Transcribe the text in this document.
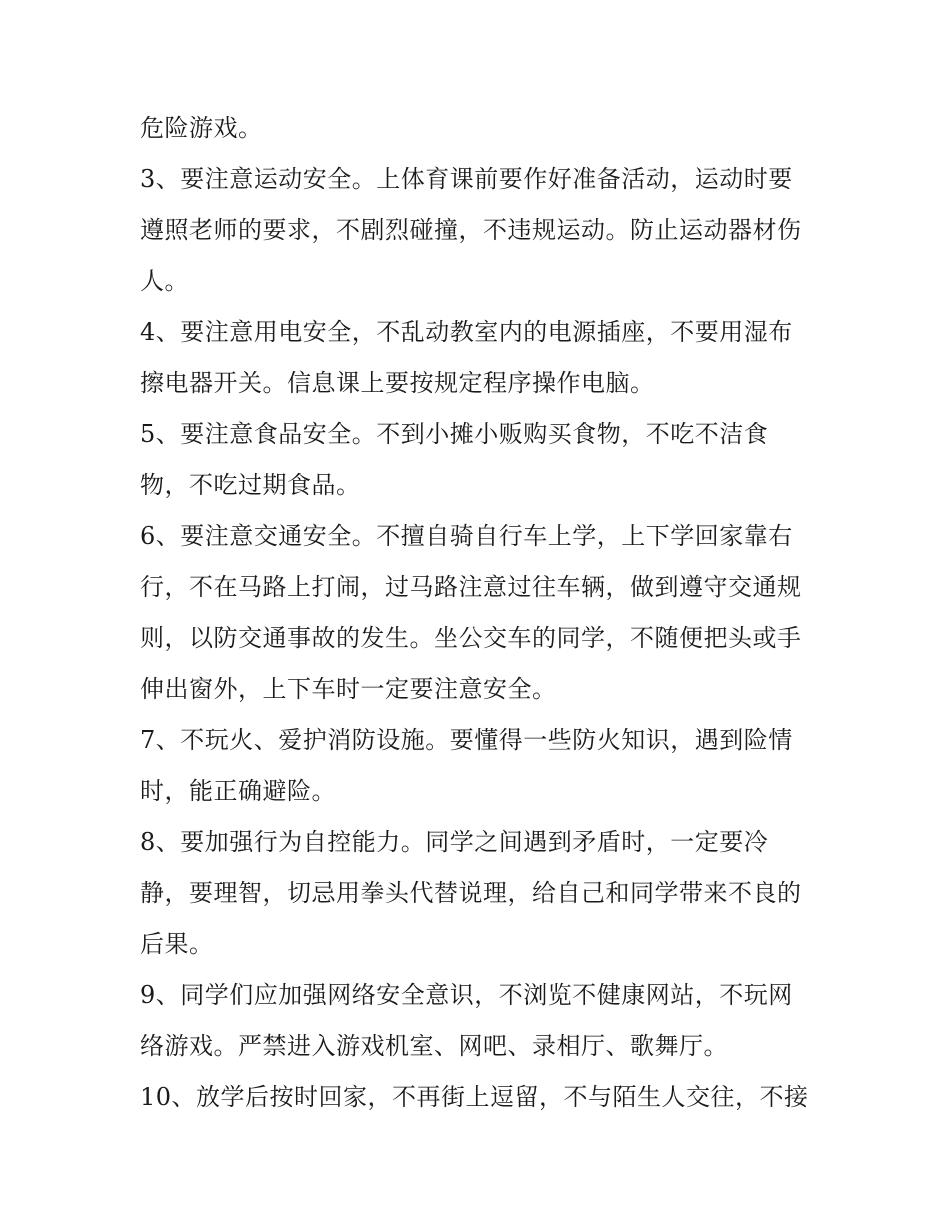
危险游戏。
3、要注意运动安全。上体育课前要作好准备活动，运动时要
遵照老师的要求，不剧烈碰撞，不违规运动。防止运动器材伤
人。
4、要注意用电安全，不乱动教室内的电源插座，不要用湿布
擦电器开关。信息课上要按规定程序操作电脑。
5、要注意食品安全。不到小摊小贩购买食物，不吃不洁食
物，不吃过期食品。
6、要注意交通安全。不擅自骑自行车上学，上下学回家靠右
行，不在马路上打闹，过马路注意过往车辆，做到遵守交通规
则，以防交通事故的发生。坐公交车的同学，不随便把头或手
伸出窗外，上下车时一定要注意安全。
7、不玩火、爱护消防设施。要懂得一些防火知识，遇到险情
时，能正确避险。
8、要加强行为自控能力。同学之间遇到矛盾时，一定要冷
静，要理智，切忌用拳头代替说理，给自己和同学带来不良的
后果。
9、同学们应加强网络安全意识，不浏览不健康网站，不玩网
络游戏。严禁进入游戏机室、网吧、录相厅、歌舞厅。
10、放学后按时回家，不再街上逗留，不与陌生人交往，不接
